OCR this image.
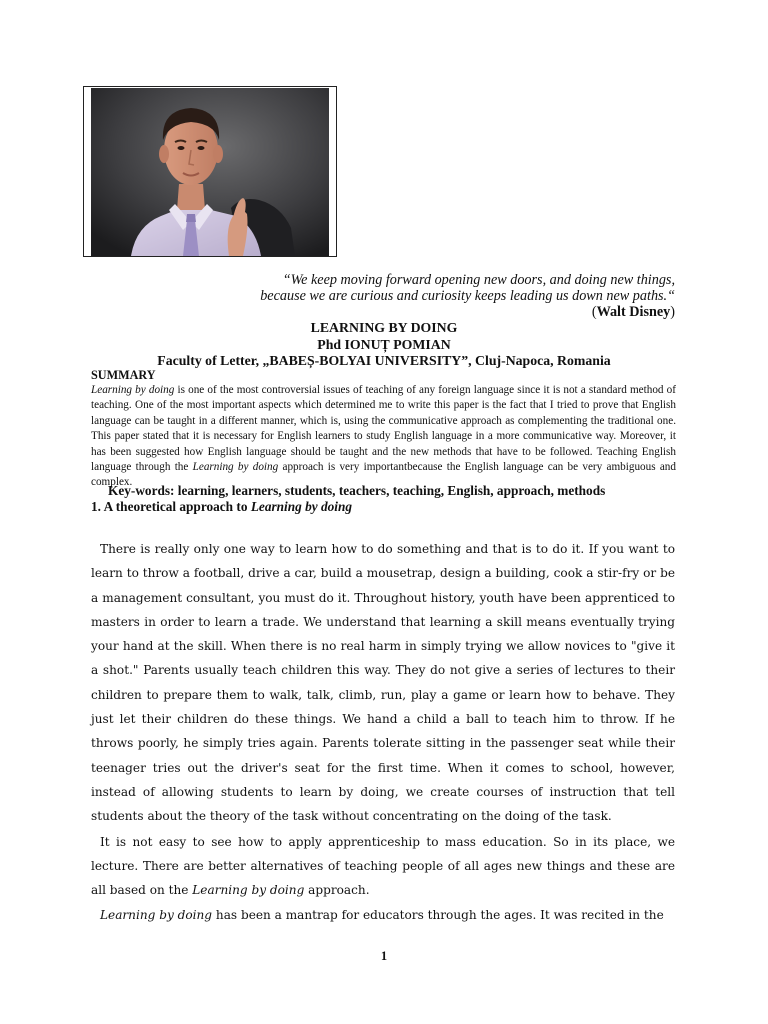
“We keep moving forward opening new doors, and doing new things, because we are curious and curiosity keeps leading us down new paths.“ (Walt Disney)
LEARNING BY DOING
Phd IONUȚ POMIAN
Faculty of Letter, „BABEȘ-BOLYAI UNIVERSITY”, Cluj-Napoca, Romania
SUMMARY
Learning by doing is one of the most controversial issues of teaching of any foreign language since it is not a standard method of teaching. One of the most important aspects which determined me to write this paper is the fact that I tried to prove that English language can be taught in a different manner, which is, using the communicative approach as complementing the traditional one. This paper stated that it is necessary for English learners to study English language in a more communicative way. Moreover, it has been suggested how English language should be taught and the new methods that have to be followed. Teaching English language through the Learning by doing approach is very importantbecause the English language can be very ambiguous and complex.
Key-words: learning, learners, students, teachers, teaching, English, approach, methods
1. A theoretical approach to Learning by doing

There is really only one way to learn how to do something and that is to do it. If you want to learn to throw a football, drive a car, build a mousetrap, design a building, cook a stir-fry or be a management consultant, you must do it. Throughout history, youth have been apprenticed to masters in order to learn a trade. We understand that learning a skill means eventually trying your hand at the skill. When there is no real harm in simply trying we allow novices to "give it a shot." Parents usually teach children this way. They do not give a series of lectures to their children to prepare them to walk, talk, climb, run, play a game or learn how to behave. They just let their children do these things. We hand a child a ball to teach him to throw. If he throws poorly, he simply tries again. Parents tolerate sitting in the passenger seat while their teenager tries out the driver's seat for the first time. When it comes to school, however, instead of allowing students to learn by doing, we create courses of instruction that tell students about the theory of the task without concentrating on the doing of the task.

It is not easy to see how to apply apprenticeship to mass education. So in its place, we lecture. There are better alternatives of teaching people of all ages new things and these are all based on the Learning by doing approach.

Learning by doing has been a mantrap for educators through the ages. It was recited in the

1
